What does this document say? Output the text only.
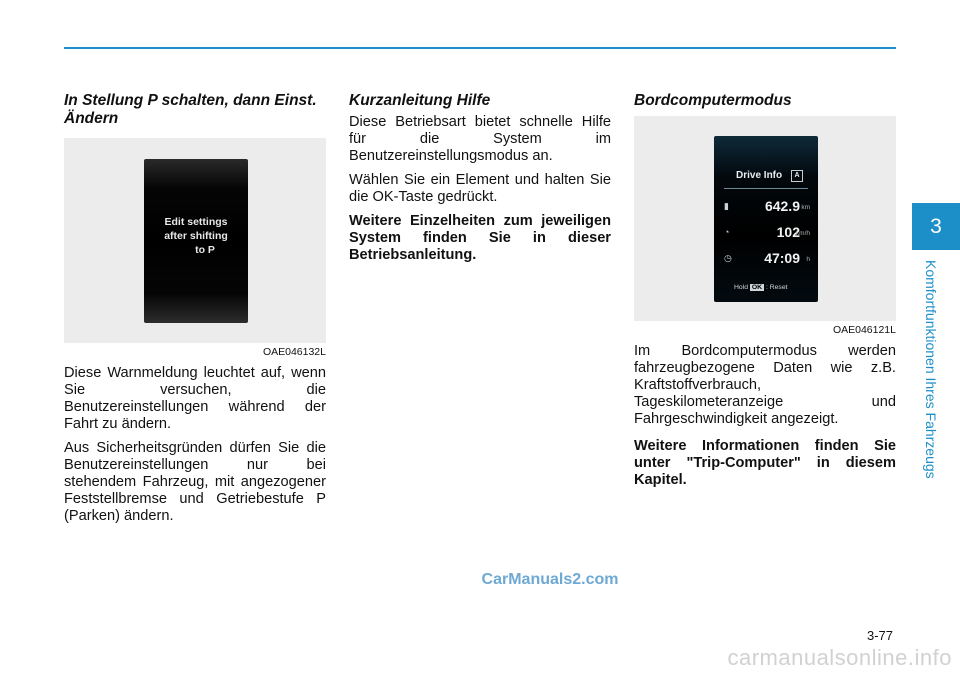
In Stellung P schalten, dann Einst. Ändern
Edit settings
after shifting
to P
OAE046132L

Diese Warnmeldung leuchtet auf, wenn Sie versuchen, die Benutzereinstellungen während der Fahrt zu ändern.

Aus Sicherheitsgründen dürfen Sie die Benutzereinstellungen nur bei stehendem Fahrzeug, mit angezogener Feststellbremse und Getriebestufe P (Parken) ändern.

Kurzanleitung Hilfe

Diese Betriebsart bietet schnelle Hilfe für die System im Benutzereinstellungsmodus an.

Wählen Sie ein Element und halten Sie die OK-Taste gedrückt.

Weitere Einzelheiten zum jeweiligen System finden Sie in dieser Betriebsanleitung.

Bordcomputermodus
Drive Info	A
▮	642.9 km
◔	102
km/h
◷ 47:09 h
Hold OK : Reset
OAE046121L

Im Bordcomputermodus werden fahrzeugbezogene Daten wie z.B. Kraftstoffverbrauch, Tageskilometeranzeige und Fahrgeschwindigkeit angezeigt.

Weitere Informationen finden Sie unter "Trip-Computer" in diesem Kapitel.

3
Komfortfunktionen Ihres Fahrzeugs
3-77
CarManuals2.com
carmanualsonline.info
